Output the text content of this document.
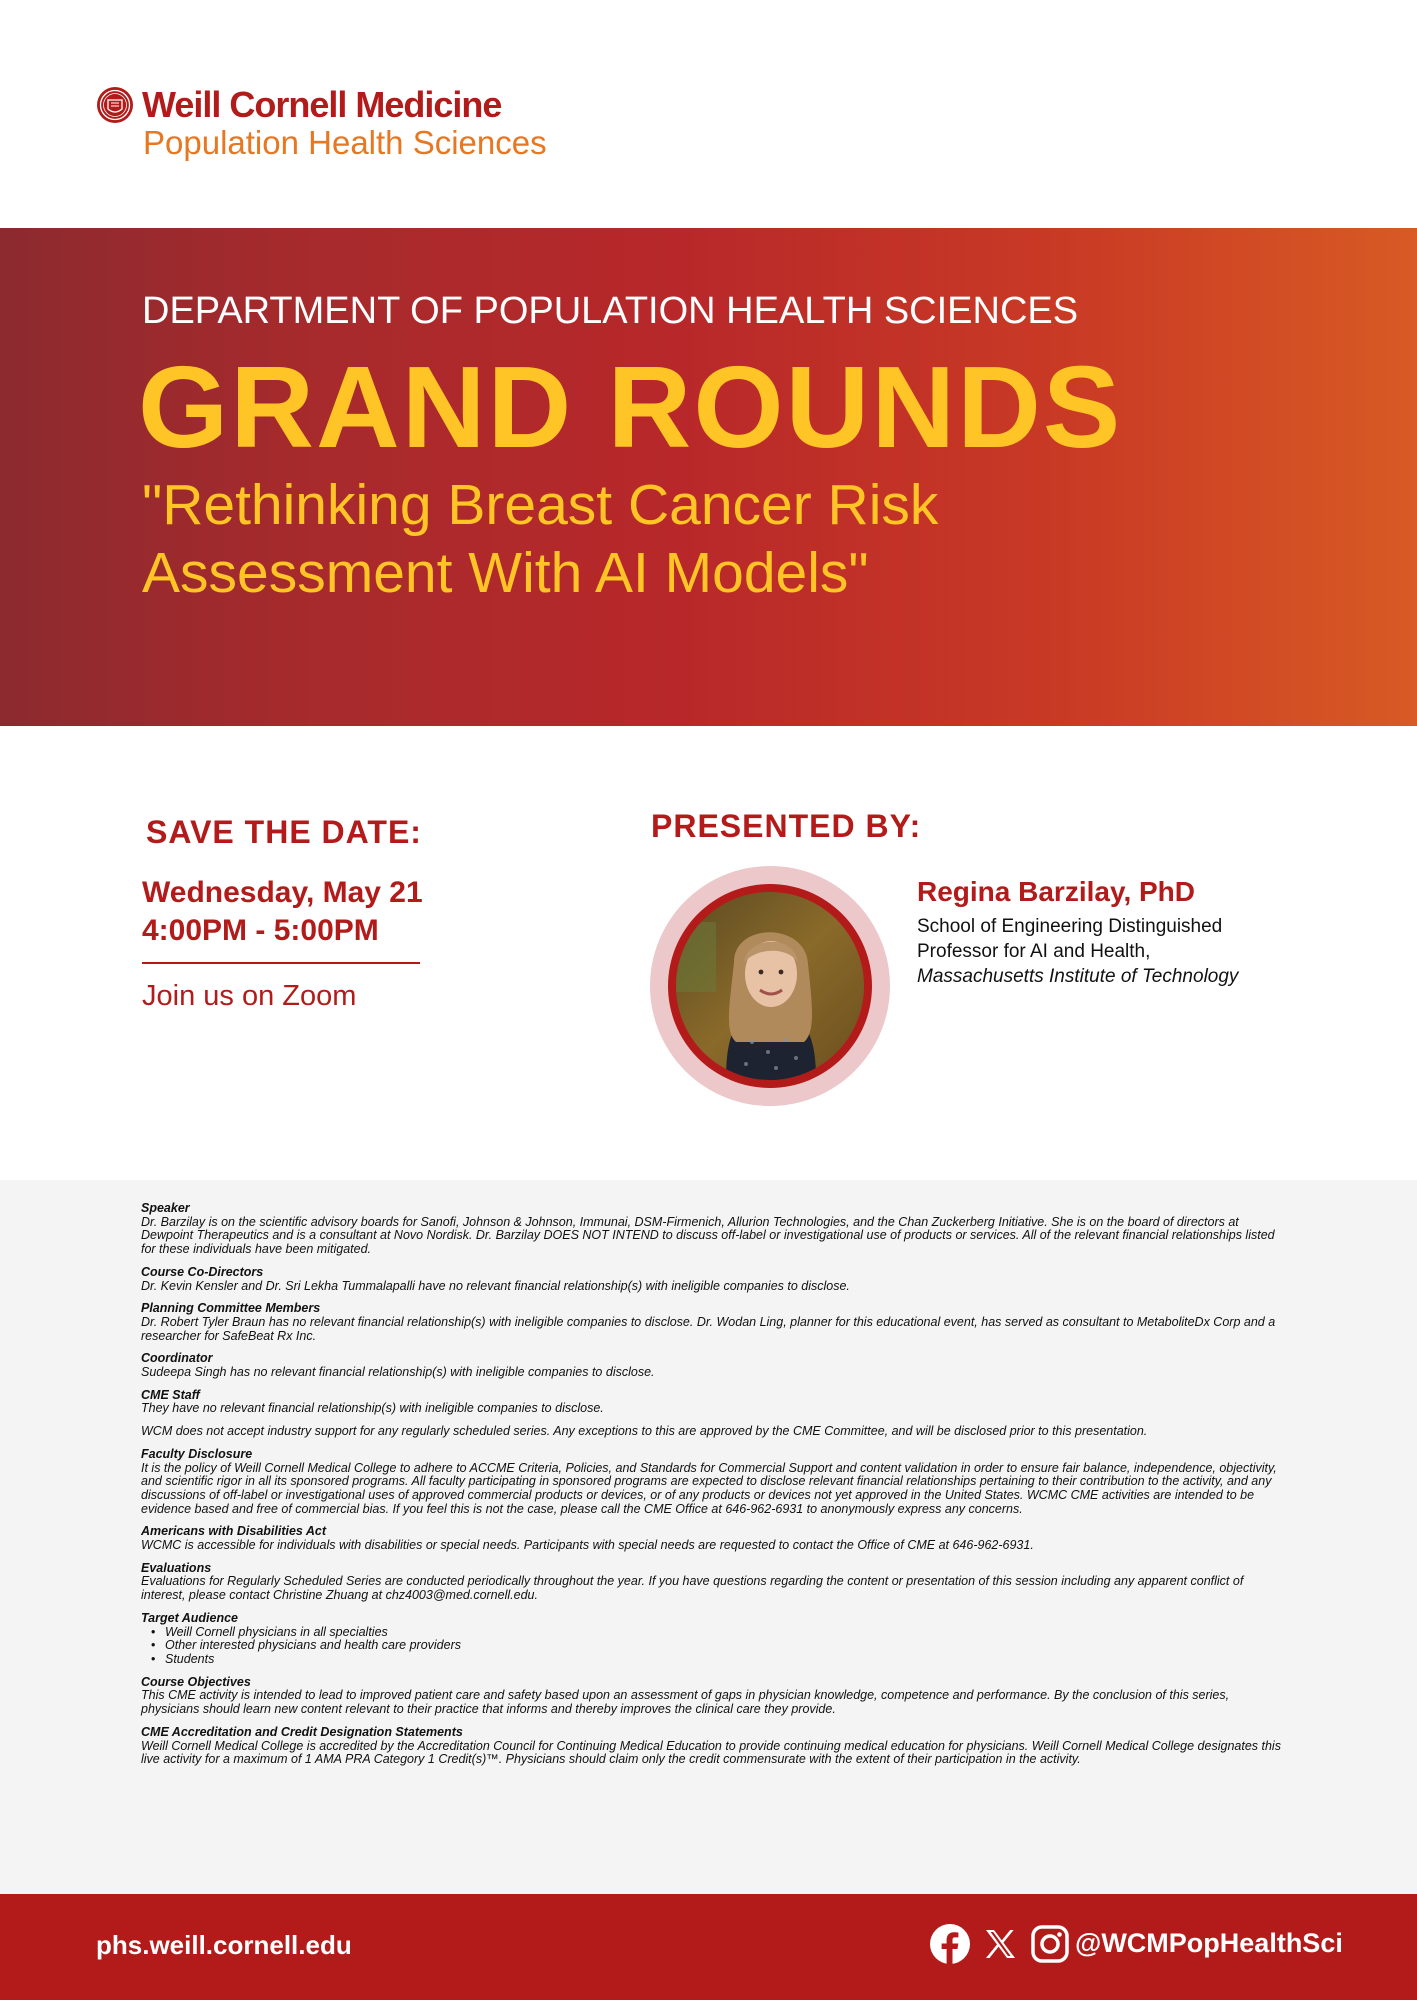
Weill Cornell Medicine
Population Health Sciences
DEPARTMENT OF POPULATION HEALTH SCIENCES
GRAND ROUNDS
"Rethinking Breast Cancer Risk
Assessment With AI Models"
SAVE THE DATE:
Wednesday, May 21
4:00PM - 5:00PM
Join us on Zoom
PRESENTED BY:
Regina Barzilay, PhD
School of Engineering Distinguished
Professor for AI and Health,
Massachusetts Institute of Technology
Speaker
Dr. Barzilay is on the scientific advisory boards for Sanofi, Johnson & Johnson, Immunai, DSM-Firmenich, Allurion Technologies, and the Chan Zuckerberg Initiative. She is on the board of directors at Dewpoint Therapeutics and is a consultant at Novo Nordisk. Dr. Barzilay DOES NOT INTEND to discuss off-label or investigational use of products or services. All of the relevant financial relationships listed for these individuals have been mitigated.
Course Co-Directors
Dr. Kevin Kensler and Dr. Sri Lekha Tummalapalli have no relevant financial relationship(s) with ineligible companies to disclose.
Planning Committee Members
Dr. Robert Tyler Braun has no relevant financial relationship(s) with ineligible companies to disclose. Dr. Wodan Ling, planner for this educational event, has served as consultant to MetaboliteDx Corp and a researcher for SafeBeat Rx Inc.
Coordinator
Sudeepa Singh has no relevant financial relationship(s) with ineligible companies to disclose.
CME Staff
They have no relevant financial relationship(s) with ineligible companies to disclose.
WCM does not accept industry support for any regularly scheduled series. Any exceptions to this are approved by the CME Committee, and will be disclosed prior to this presentation.
Faculty Disclosure
It is the policy of Weill Cornell Medical College to adhere to ACCME Criteria, Policies, and Standards for Commercial Support and content validation in order to ensure fair balance, independence, objectivity, and scientific rigor in all its sponsored programs. All faculty participating in sponsored programs are expected to disclose relevant financial relationships pertaining to their contribution to the activity, and any discussions of off-label or investigational uses of approved commercial products or devices, or of any products or devices not yet approved in the United States. WCMC CME activities are intended to be evidence based and free of commercial bias. If you feel this is not the case, please call the CME Office at 646-962-6931 to anonymously express any concerns.
Americans with Disabilities Act
WCMC is accessible for individuals with disabilities or special needs. Participants with special needs are requested to contact the Office of CME at 646-962-6931.
Evaluations
Evaluations for Regularly Scheduled Series are conducted periodically throughout the year. If you have questions regarding the content or presentation of this session including any apparent conflict of interest, please contact Christine Zhuang at chz4003@med.cornell.edu.
Target Audience
• Weill Cornell physicians in all specialties
• Other interested physicians and health care providers
• Students
Course Objectives
This CME activity is intended to lead to improved patient care and safety based upon an assessment of gaps in physician knowledge, competence and performance. By the conclusion of this series, physicians should learn new content relevant to their practice that informs and thereby improves the clinical care they provide.
CME Accreditation and Credit Designation Statements
Weill Cornell Medical College is accredited by the Accreditation Council for Continuing Medical Education to provide continuing medical education for physicians. Weill Cornell Medical College designates this live activity for a maximum of 1 AMA PRA Category 1 Credit(s)™. Physicians should claim only the credit commensurate with the extent of their participation in the activity.
phs.weill.cornell.edu	@WCMPopHealthSci
